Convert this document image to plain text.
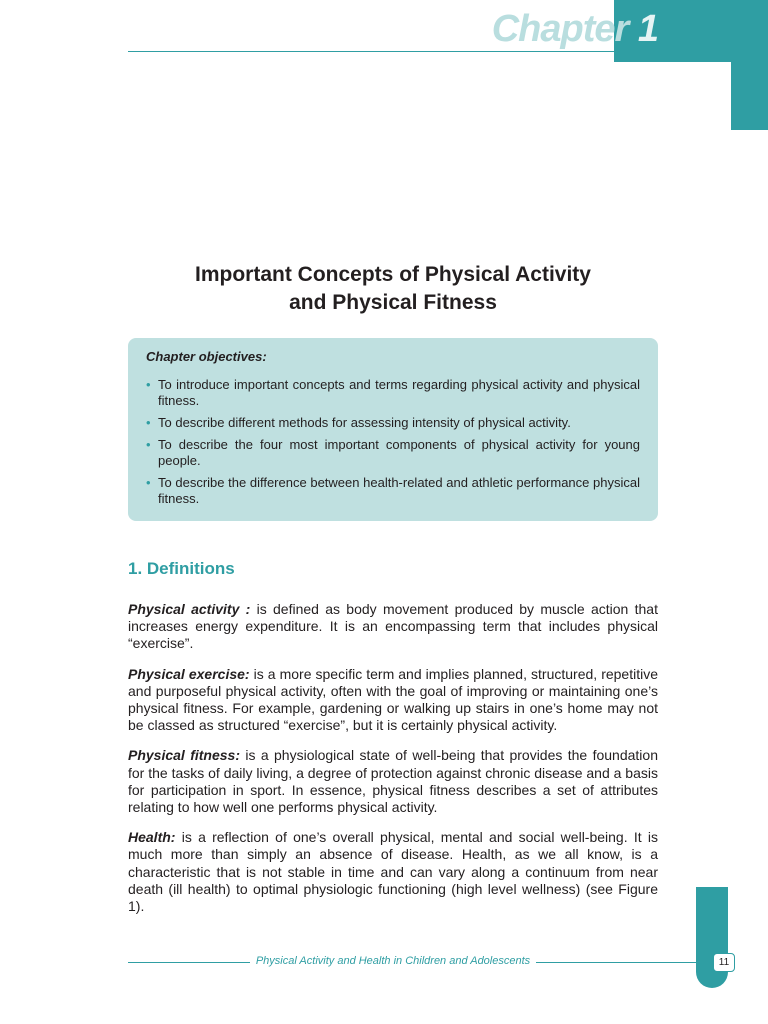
Chapter 1
Important Concepts of Physical Activity
and Physical Fitness
Chapter objectives:
• To introduce important concepts and terms regarding physical activity and physical fitness.
• To describe different methods for assessing intensity of physical activity.
• To describe the four most important components of physical activity for young people.
• To describe the difference between health-related and athletic performance physical fitness.
1. Definitions

Physical activity : is defined as body movement produced by muscle action that increases energy expenditure. It is an encompassing term that includes physical “exercise”.

Physical exercise: is a more specific term and implies planned, structured, repetitive and purposeful physical activity, often with the goal of improving or maintaining one’s physical fitness. For example, gardening or walking up stairs in one’s home may not be classed as structured “exercise”, but it is certainly physical activity.

Physical fitness: is a physiological state of well-being that provides the foundation for the tasks of daily living, a degree of protection against chronic disease and a basis for participation in sport. In essence, physical fitness describes a set of attributes relating to how well one performs physical activity.

Health: is a reflection of one’s overall physical, mental and social well-being. It is much more than simply an absence of disease. Health, as we all know, is a characteristic that is not stable in time and can vary along a continuum from near death (ill health) to optimal physiologic functioning (high level wellness) (see Figure 1).

Physical Activity and Health in Children and Adolescents	11
